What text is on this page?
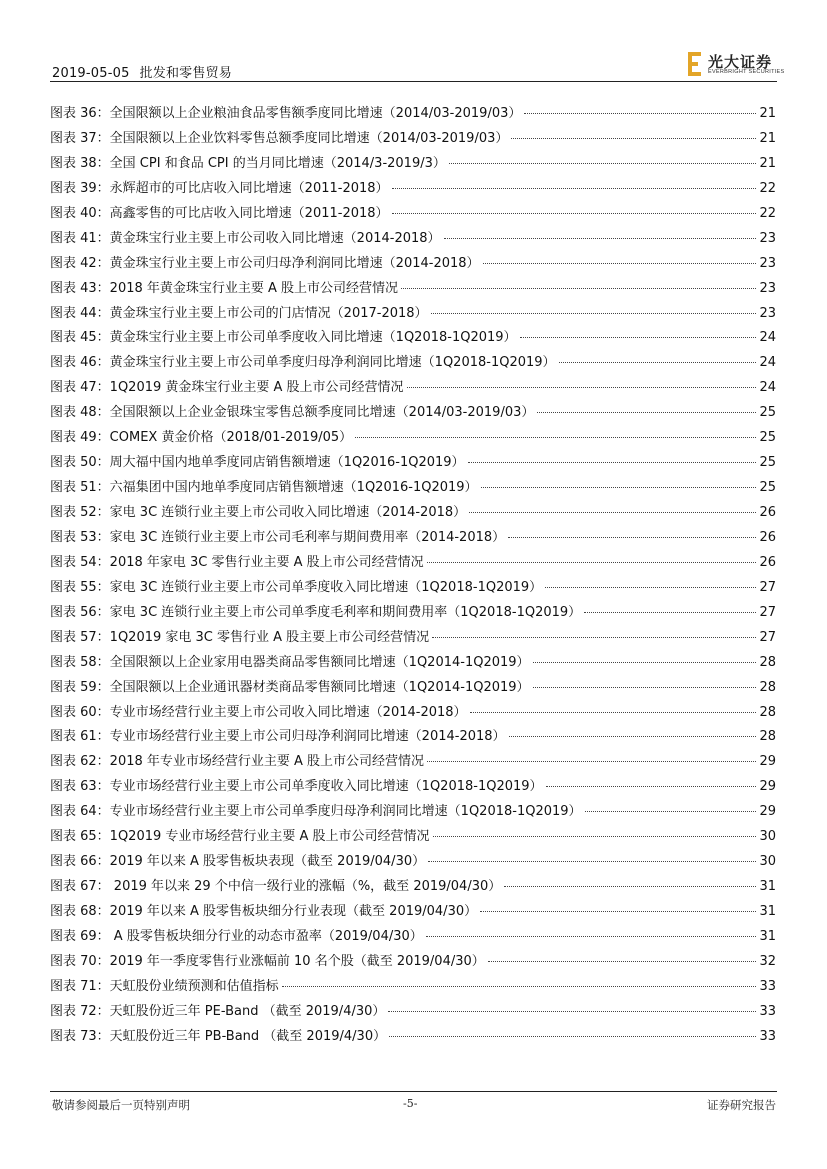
2019-05-05 批发和零售贸易
光大证券
EVERBRIGHT SECURITIES
图表 36：全国限额以上企业粮油食品零售额季度同比增速（2014/03-2019/03）	21
图表 37：全国限额以上企业饮料零售总额季度同比增速（2014/03-2019/03）	21
图表 38：全国 CPI 和食品 CPI 的当月同比增速（2014/3-2019/3）	21
图表 39：永辉超市的可比店收入同比增速（2011-2018）	22
图表 40：高鑫零售的可比店收入同比增速（2011-2018）	22
图表 41：黄金珠宝行业主要上市公司收入同比增速（2014-2018）	23
图表 42：黄金珠宝行业主要上市公司归母净利润同比增速（2014-2018）	23
图表 43：2018 年黄金珠宝行业主要 A 股上市公司经营情况	23
图表 44：黄金珠宝行业主要上市公司的门店情况（2017-2018）	23
图表 45：黄金珠宝行业主要上市公司单季度收入同比增速（1Q2018-1Q2019）	24
图表 46：黄金珠宝行业主要上市公司单季度归母净利润同比增速（1Q2018-1Q2019）	24
图表 47：1Q2019 黄金珠宝行业主要 A 股上市公司经营情况	24
图表 48：全国限额以上企业金银珠宝零售总额季度同比增速（2014/03-2019/03）	25
图表 49：COMEX 黄金价格（2018/01-2019/05）	25
图表 50：周大福中国内地单季度同店销售额增速（1Q2016-1Q2019）	25
图表 51：六福集团中国内地单季度同店销售额增速（1Q2016-1Q2019）	25
图表 52：家电 3C 连锁行业主要上市公司收入同比增速（2014-2018）	26
图表 53：家电 3C 连锁行业主要上市公司毛利率与期间费用率（2014-2018）	26
图表 54：2018 年家电 3C 零售行业主要 A 股上市公司经营情况	26
图表 55：家电 3C 连锁行业主要上市公司单季度收入同比增速（1Q2018-1Q2019）	27
图表 56：家电 3C 连锁行业主要上市公司单季度毛利率和期间费用率（1Q2018-1Q2019）	27
图表 57：1Q2019 家电 3C 零售行业 A 股主要上市公司经营情况	27
图表 58：全国限额以上企业家用电器类商品零售额同比增速（1Q2014-1Q2019）	28
图表 59：全国限额以上企业通讯器材类商品零售额同比增速（1Q2014-1Q2019）	28
图表 60：专业市场经营行业主要上市公司收入同比增速（2014-2018）	28
图表 61：专业市场经营行业主要上市公司归母净利润同比增速（2014-2018）	28
图表 62：2018 年专业市场经营行业主要 A 股上市公司经营情况	29
图表 63：专业市场经营行业主要上市公司单季度收入同比增速（1Q2018-1Q2019）	29
图表 64：专业市场经营行业主要上市公司单季度归母净利润同比增速（1Q2018-1Q2019）	29
图表 65：1Q2019 专业市场经营行业主要 A 股上市公司经营情况	30
图表 66：2019 年以来 A 股零售板块表现（截至 2019/04/30）	30
图表 67： 2019 年以来 29 个中信一级行业的涨幅（%，截至 2019/04/30）	31
图表 68：2019 年以来 A 股零售板块细分行业表现（截至 2019/04/30）	31
图表 69： A 股零售板块细分行业的动态市盈率（2019/04/30）	31
图表 70：2019 年一季度零售行业涨幅前 10 名个股（截至 2019/04/30）	32
图表 71：天虹股份业绩预测和估值指标	33
图表 72：天虹股份近三年 PE-Band （截至 2019/4/30）	33
图表 73：天虹股份近三年 PB-Band （截至 2019/4/30）	33
敬请参阅最后一页特别声明	-5-	证券研究报告
